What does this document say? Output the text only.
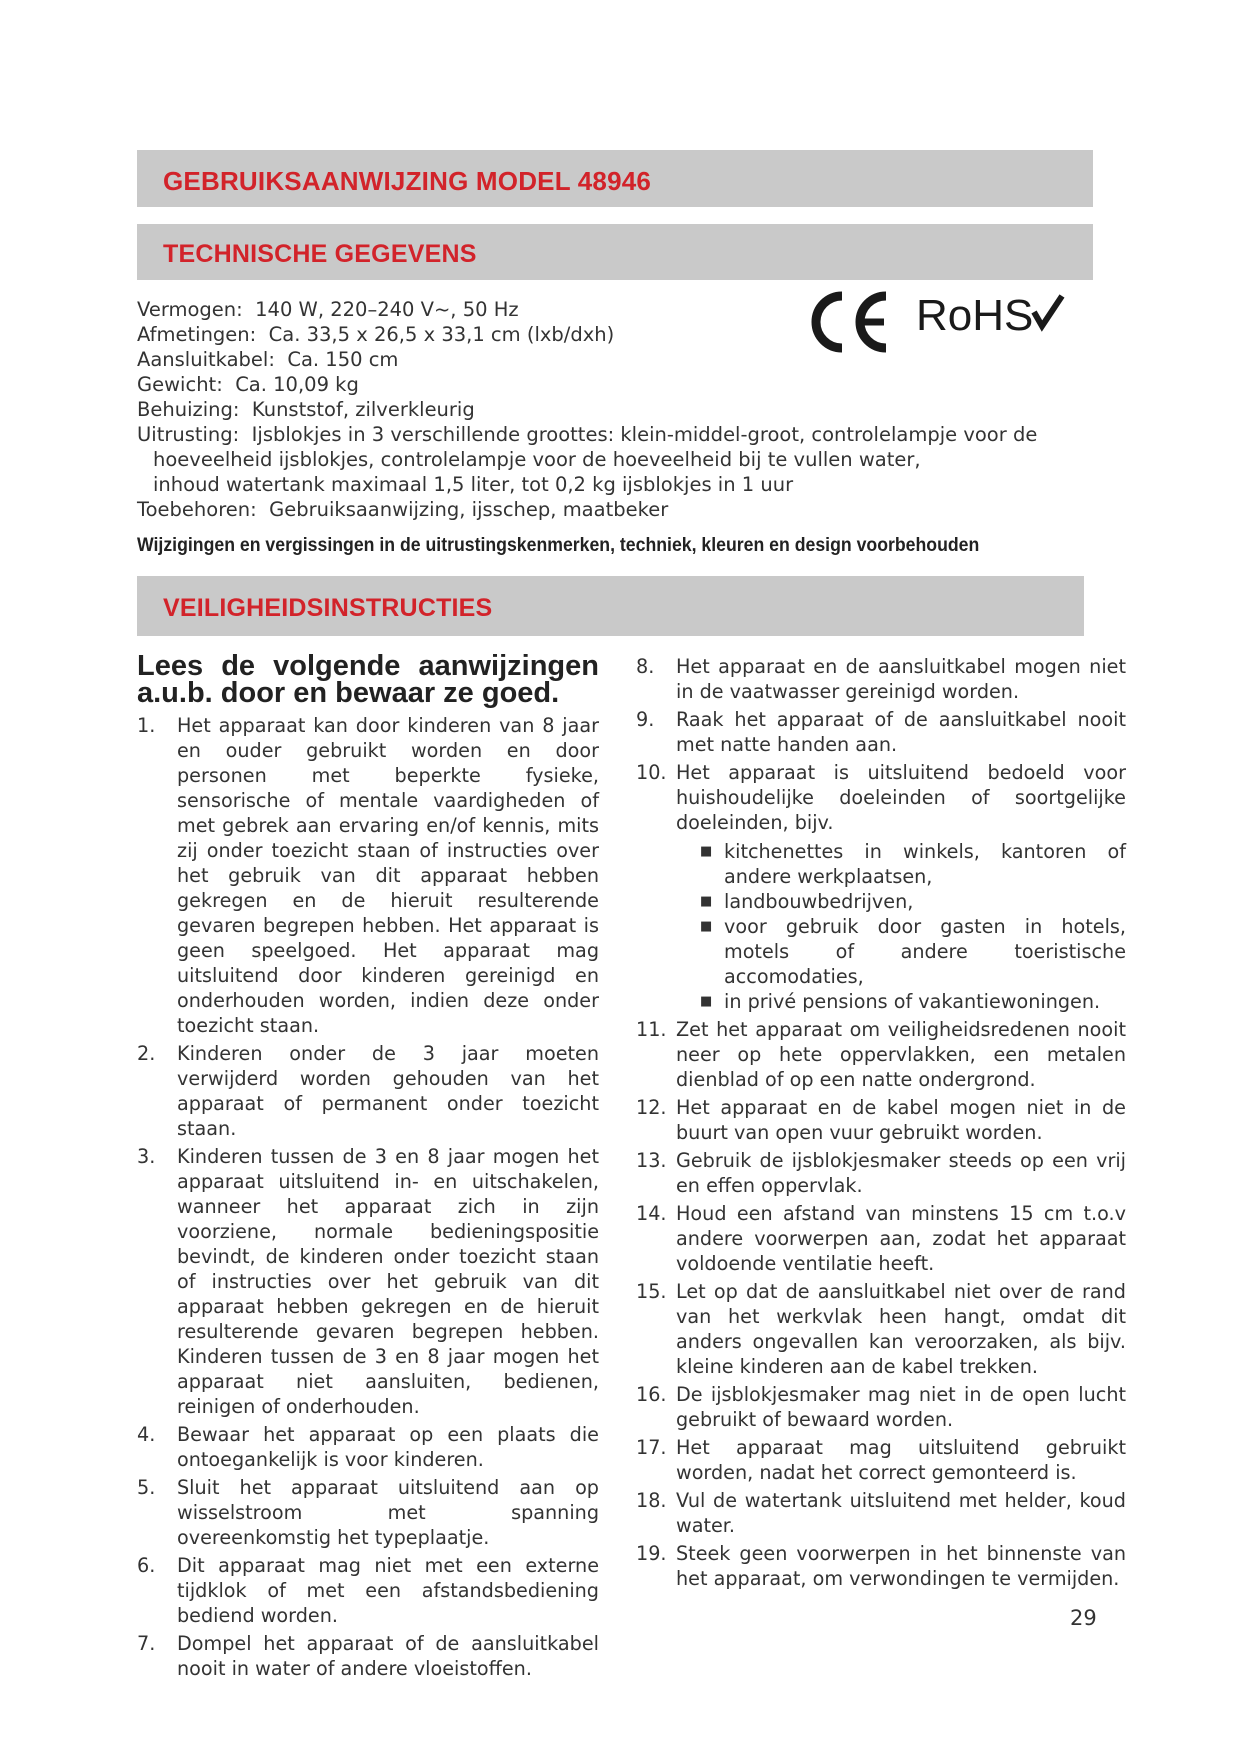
GEBRUIKSAANWIJZING MODEL 48946
TECHNISCHE GEGEVENS
Vermogen: 140 W, 220–240 V~, 50 Hz
Afmetingen: Ca. 33,5 x 26,5 x 33,1 cm (lxb/dxh)
Aansluitkabel: Ca. 150 cm
Gewicht: Ca. 10,09 kg
Behuizing: Kunststof, zilverkleurig
Uitrusting: Ijsblokjes in 3 verschillende groottes: klein-middel-groot, controlelampje voor de
hoeveelheid ijsblokjes, controlelampje voor de hoeveelheid bij te vullen water,
inhoud watertank maximaal 1,5 liter, tot 0,2 kg ijsblokjes in 1 uur
Toebehoren: Gebruiksaanwijzing, ijsschep, maatbeker
RoHS
Wijzigingen en vergissingen in de uitrustingskenmerken, techniek, kleuren en design voorbehouden
VEILIGHEIDSINSTRUCTIES
Lees de volgende aanwijzingen
a.u.b. door en bewaar ze goed.
1. Het apparaat kan door kinderen van 8 jaar en ouder gebruikt worden en door personen met beperkte fysieke, sensorische of mentale vaardigheden of met gebrek aan ervaring en/of kennis, mits zij onder toezicht staan of instructies over het gebruik van dit apparaat hebben gekregen en de hieruit resulterende gevaren begrepen hebben. Het apparaat is geen speelgoed. Het apparaat mag uitsluitend door kinderen gereinigd en onderhouden worden, indien deze onder toezicht staan.
2. Kinderen onder de 3 jaar moeten verwijderd worden gehouden van het apparaat of permanent onder toezicht staan.
3. Kinderen tussen de 3 en 8 jaar mogen het apparaat uitsluitend in- en uitschakelen, wanneer het apparaat zich in zijn voorziene, normale bedieningspositie bevindt, de kinderen onder toezicht staan of instructies over het gebruik van dit apparaat hebben gekregen en de hieruit resulterende gevaren begrepen hebben. Kinderen tussen de 3 en 8 jaar mogen het apparaat niet aansluiten, bedienen, reinigen of onderhouden.
4. Bewaar het apparaat op een plaats die ontoegankelijk is voor kinderen.
5. Sluit het apparaat uitsluitend aan op wisselstroom met spanning overeenkomstig het typeplaatje.
6. Dit apparaat mag niet met een externe tijdklok of met een afstandsbediening bediend worden.
7. Dompel het apparaat of de aansluitkabel nooit in water of andere vloeistoffen.
8. Het apparaat en de aansluitkabel mogen niet in de vaatwasser gereinigd worden.
9. Raak het apparaat of de aansluitkabel nooit met natte handen aan.
10. Het apparaat is uitsluitend bedoeld voor huishoudelijke doeleinden of soortgelijke doeleinden, bijv.
■ kitchenettes in winkels, kantoren of andere werkplaatsen,
■ landbouwbedrijven,
■ voor gebruik door gasten in hotels, motels of andere toeristische accomodaties,
■ in privé pensions of vakantiewoningen.
11. Zet het apparaat om veiligheidsredenen nooit neer op hete oppervlakken, een metalen dienblad of op een natte ondergrond.
12. Het apparaat en de kabel mogen niet in de buurt van open vuur gebruikt worden.
13. Gebruik de ijsblokjesmaker steeds op een vrij en effen oppervlak.
14. Houd een afstand van minstens 15 cm t.o.v andere voorwerpen aan, zodat het apparaat voldoende ventilatie heeft.
15. Let op dat de aansluitkabel niet over de rand van het werkvlak heen hangt, omdat dit anders ongevallen kan veroorzaken, als bijv. kleine kinderen aan de kabel trekken.
16. De ijsblokjesmaker mag niet in de open lucht gebruikt of bewaard worden.
17. Het apparaat mag uitsluitend gebruikt worden, nadat het correct gemonteerd is.
18. Vul de watertank uitsluitend met helder, koud water.
19. Steek geen voorwerpen in het binnenste van het apparaat, om verwondingen te vermijden.
29
